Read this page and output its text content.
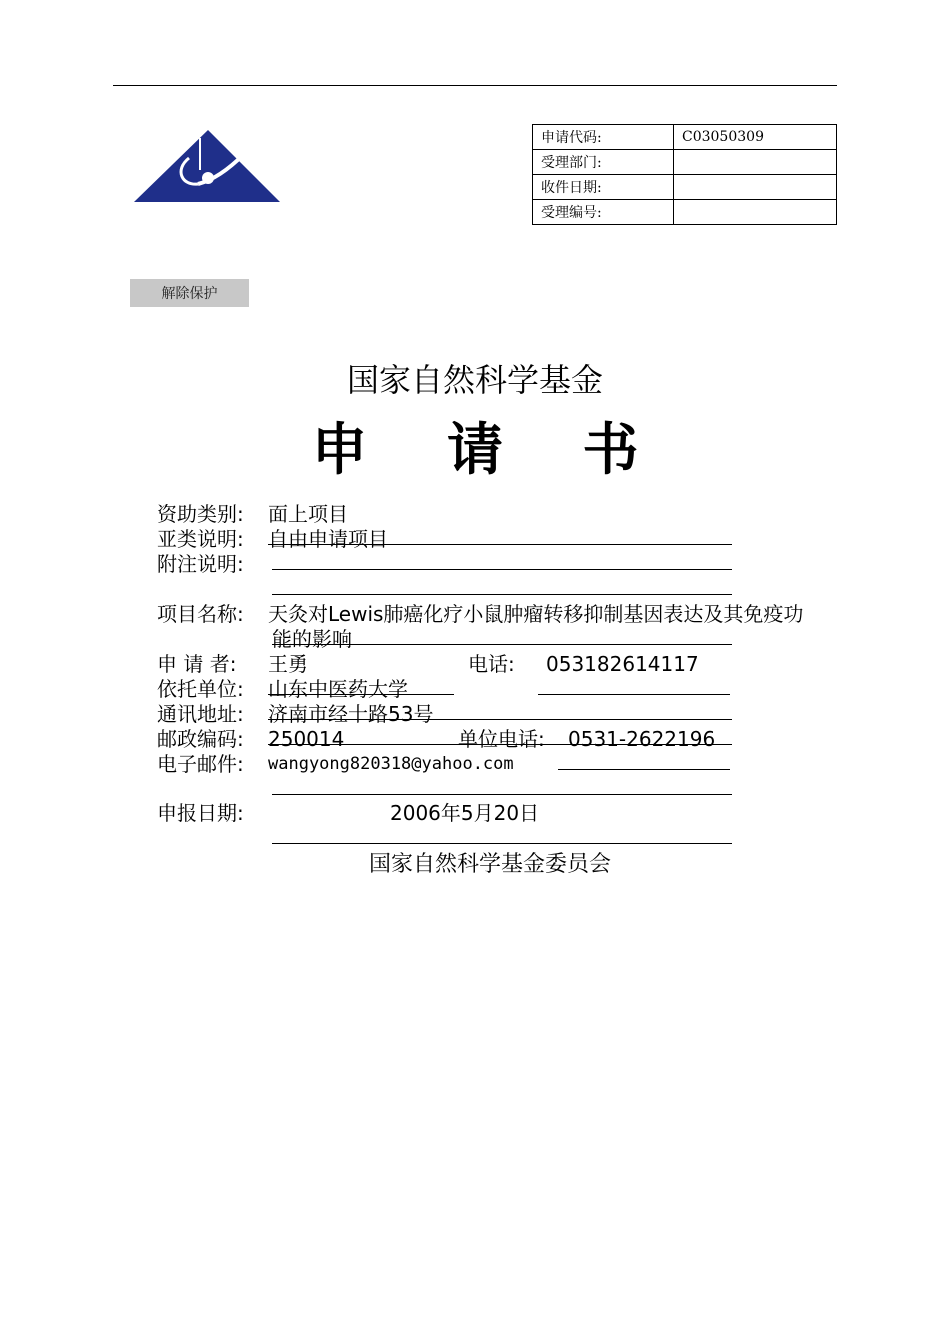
申请代码:	C03050309
受理部门:	
收件日期:	
受理编号:	
解除保护
国家自然科学基金
申 请 书
资助类别: 面上项目
亚类说明: 自由申请项目
附注说明:
项目名称: 天灸对Lewis肺癌化疗小鼠肿瘤转移抑制基因表达及其免疫功
能的影响
申 请 者: 王勇	电话: 053182614117
依托单位: 山东中医药大学
通讯地址: 济南市经十路53号
邮政编码: 250014	单位电话: 0531-2622196
电子邮件: wangyong820318@yahoo.com
申报日期:	2006年5月20日
国家自然科学基金委员会
